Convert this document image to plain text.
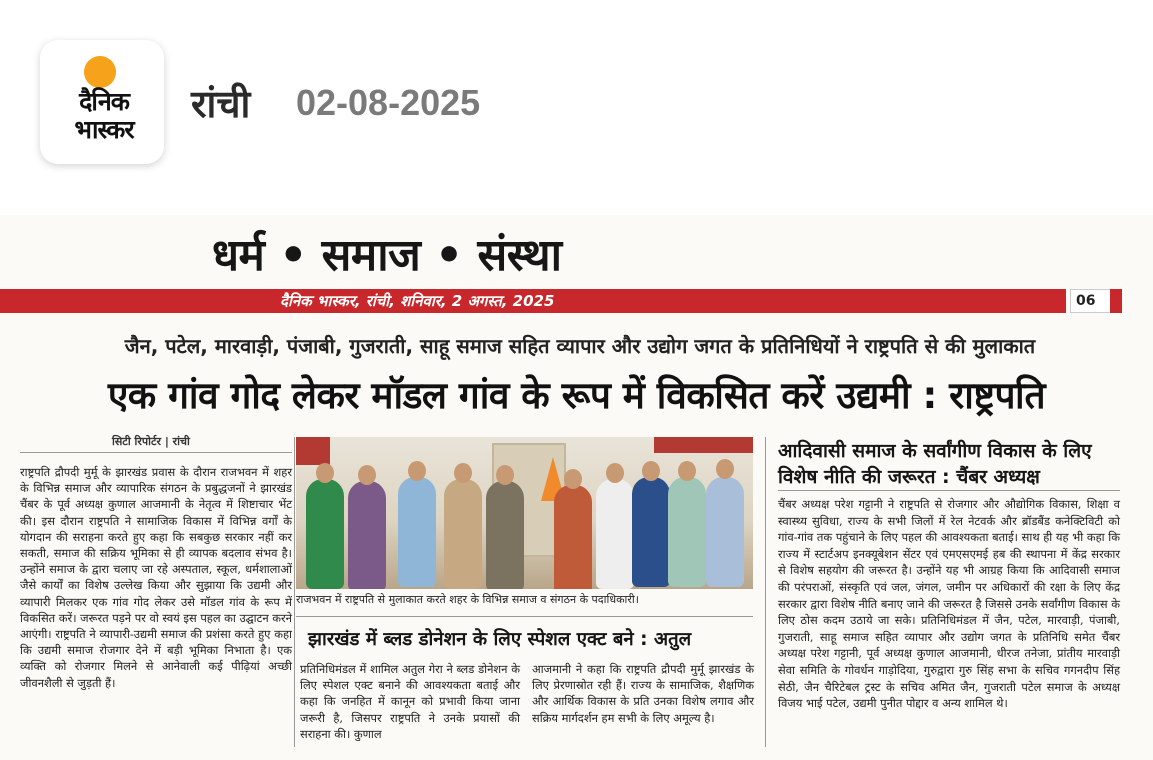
दैनिक
भास्कर
रांची 02-08-2025
धर्म • समाज • संस्था
दैनिक भास्कर, रांची, शनिवार, 2 अगस्त, 2025	06
जैन, पटेल, मारवाड़ी, पंजाबी, गुजराती, साहू समाज सहित व्यापार और उद्योग जगत के प्रतिनिधियों ने राष्ट्रपति से की मुलाकात
एक गांव गोद लेकर मॉडल गांव के रूप में विकसित करें उद्यमी : राष्ट्रपति
सिटी रिपोर्टर | रांची
राष्ट्रपति द्रौपदी मुर्मू के झारखंड प्रवास के दौरान राजभवन में शहर के विभिन्न समाज और व्यापारिक संगठन के प्रबुद्धजनों ने झारखंड चैंबर के पूर्व अध्यक्ष कुणाल आजमानी के नेतृत्व में शिष्टाचार भेंट की। इस दौरान राष्ट्रपति ने सामाजिक विकास में विभिन्न वर्गों के योगदान की सराहना करते हुए कहा कि सबकुछ सरकार नहीं कर सकती, समाज की सक्रिय भूमिका से ही व्यापक बदलाव संभव है। उन्होंने समाज के द्वारा चलाए जा रहे अस्पताल, स्कूल, धर्मशालाओं जैसे कार्यों का विशेष उल्लेख किया और सुझाया कि उद्यमी और व्यापारी मिलकर एक गांव गोद लेकर उसे मॉडल गांव के रूप में विकसित करें। जरूरत पड़ने पर वो स्वयं इस पहल का उद्घाटन करने आएंगी। राष्ट्रपति ने व्यापारी-उद्यमी समाज की प्रशंसा करते हुए कहा कि उद्यमी समाज रोजगार देने में बड़ी भूमिका निभाता है। एक व्यक्ति को रोजगार मिलने से आनेवाली कई पीढ़ियां अच्छी जीवनशैली से जुड़ती हैं।
राजभवन में राष्ट्रपति से मुलाकात करते शहर के विभिन्न समाज व संगठन के पदाधिकारी।
झारखंड में ब्लड डोनेशन के लिए स्पेशल एक्ट बने : अतुल
प्रतिनिधिमंडल में शामिल अतुल गेरा ने ब्लड डोनेशन के लिए स्पेशल एक्ट बनाने की आवश्यकता बताई और कहा कि जनहित में कानून को प्रभावी किया जाना जरूरी है, जिसपर राष्ट्रपति ने उनके प्रयासों की सराहना की। कुणाल
आजमानी ने कहा कि राष्ट्रपति द्रौपदी मुर्मू झारखंड के लिए प्रेरणास्रोत रही हैं। राज्य के सामाजिक, शैक्षणिक और आर्थिक विकास के प्रति उनका विशेष लगाव और सक्रिय मार्गदर्शन हम सभी के लिए अमूल्य है।
आदिवासी समाज के सर्वांगीण विकास के लिए विशेष नीति की जरूरत : चैंबर अध्यक्ष
चैंबर अध्यक्ष परेश गट्टानी ने राष्ट्रपति से रोजगार और औद्योगिक विकास, शिक्षा व स्वास्थ्य सुविधा, राज्य के सभी जिलों में रेल नेटवर्क और ब्रॉडबैंड कनेक्टिविटी को गांव-गांव तक पहुंचाने के लिए पहल की आवश्यकता बताई। साथ ही यह भी कहा कि राज्य में स्टार्टअप इनक्यूबेशन सेंटर एवं एमएसएमई हब की स्थापना में केंद्र सरकार से विशेष सहयोग की जरूरत है। उन्होंने यह भी आग्रह किया कि आदिवासी समाज की परंपराओं, संस्कृति एवं जल, जंगल, जमीन पर अधिकारों की रक्षा के लिए केंद्र सरकार द्वारा विशेष नीति बनाए जाने की जरूरत है जिससे उनके सर्वांगीण विकास के लिए ठोस कदम उठाये जा सके। प्रतिनिधिमंडल में जैन, पटेल, मारवाड़ी, पंजाबी, गुजराती, साहू समाज सहित व्यापार और उद्योग जगत के प्रतिनिधि समेत चैंबर अध्यक्ष परेश गट्टानी, पूर्व अध्यक्ष कुणाल आजमानी, धीरज तनेजा, प्रांतीय मारवाड़ी सेवा समिति के गोवर्धन गाड़ोदिया, गुरुद्वारा गुरु सिंह सभा के सचिव गगनदीप सिंह सेठी, जैन चैरिटेबल ट्रस्ट के सचिव अमित जैन, गुजराती पटेल समाज के अध्यक्ष विजय भाई पटेल, उद्यमी पुनीत पोद्दार व अन्य शामिल थे।
